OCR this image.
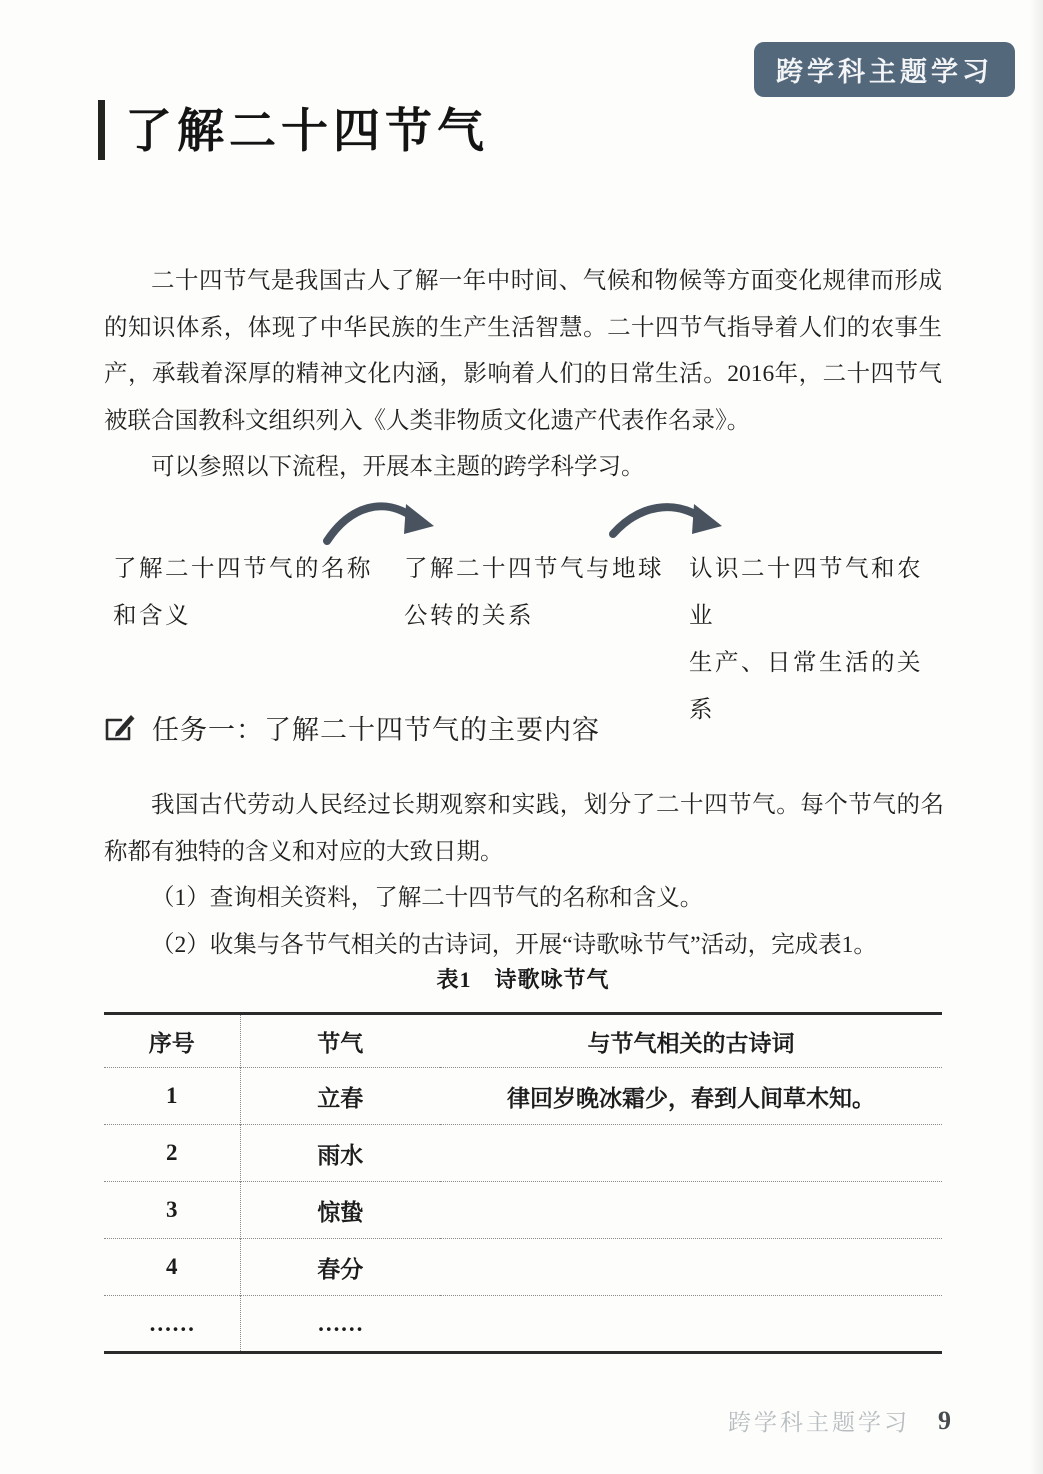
跨学科主题学习
了解二十四节气

二十四节气是我国古人了解一年中时间、气候和物候等方面变化规律而形成的知识体系，体现了中华民族的生产生活智慧。二十四节气指导着人们的农事生产，承载着深厚的精神文化内涵，影响着人们的日常生活。2016年，二十四节气被联合国教科文组织列入《人类非物质文化遗产代表作名录》。

可以参照以下流程，开展本主题的跨学科学习。

了解二十四节气的名称
和含义
了解二十四节气与地球
公转的关系
认识二十四节气和农业
生产、日常生活的关系
任务一：了解二十四节气的主要内容

我国古代劳动人民经过长期观察和实践，划分了二十四节气。每个节气的名称都有独特的含义和对应的大致日期。

（1）查询相关资料，了解二十四节气的名称和含义。

（2）收集与各节气相关的古诗词，开展“诗歌咏节气”活动，完成表1。

表1　诗歌咏节气
序号	节气	与节气相关的古诗词
1	立春	律回岁晚冰霜少，春到人间草木知。
2	雨水	
3	惊蛰	
4	春分	
……	……	
跨学科主题学习 9
